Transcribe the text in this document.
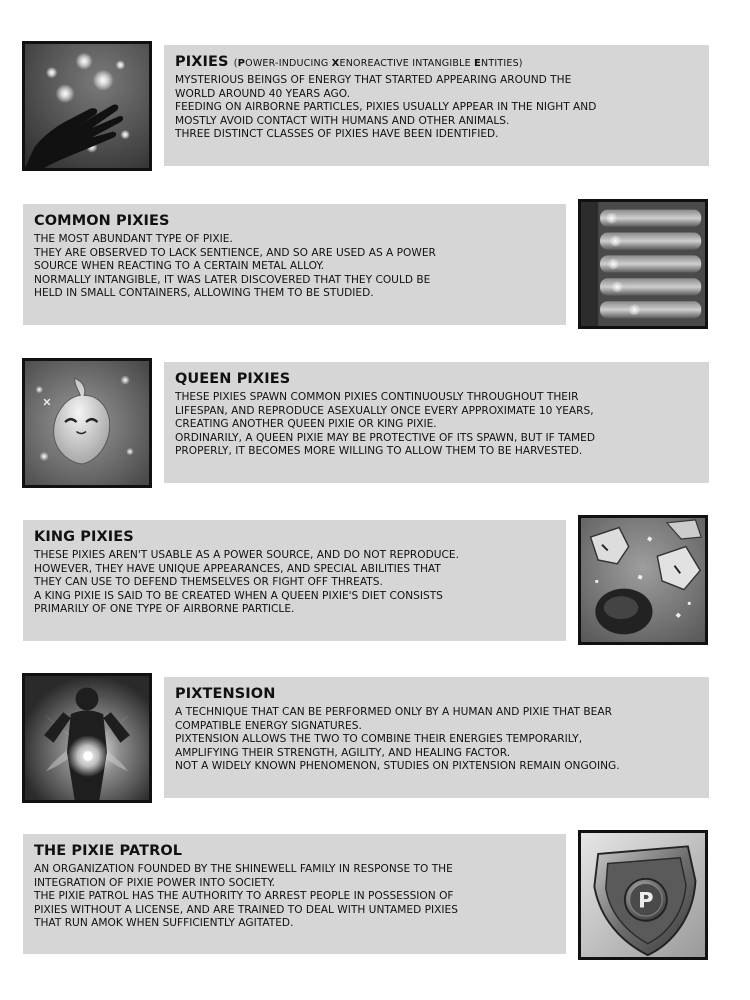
PIXIES (POWER-INDUCING XENOREACTIVE INTANGIBLE ENTITIES)
MYSTERIOUS BEINGS OF ENERGY THAT STARTED APPEARING AROUND THE
WORLD AROUND 40 YEARS AGO.
FEEDING ON AIRBORNE PARTICLES, PIXIES USUALLY APPEAR IN THE NIGHT AND
MOSTLY AVOID CONTACT WITH HUMANS AND OTHER ANIMALS.
THREE DISTINCT CLASSES OF PIXIES HAVE BEEN IDENTIFIED.
COMMON PIXIES
THE MOST ABUNDANT TYPE OF PIXIE.
THEY ARE OBSERVED TO LACK SENTIENCE, AND SO ARE USED AS A POWER
SOURCE WHEN REACTING TO A CERTAIN METAL ALLOY.
NORMALLY INTANGIBLE, IT WAS LATER DISCOVERED THAT THEY COULD BE
HELD IN SMALL CONTAINERS, ALLOWING THEM TO BE STUDIED.
QUEEN PIXIES
THESE PIXIES SPAWN COMMON PIXIES CONTINUOUSLY THROUGHOUT THEIR
LIFESPAN, AND REPRODUCE ASEXUALLY ONCE EVERY APPROXIMATE 10 YEARS,
CREATING ANOTHER QUEEN PIXIE OR KING PIXIE.
ORDINARILY, A QUEEN PIXIE MAY BE PROTECTIVE OF ITS SPAWN, BUT IF TAMED
PROPERLY, IT BECOMES MORE WILLING TO ALLOW THEM TO BE HARVESTED.
KING PIXIES
THESE PIXIES AREN'T USABLE AS A POWER SOURCE, AND DO NOT REPRODUCE.
HOWEVER, THEY HAVE UNIQUE APPEARANCES, AND SPECIAL ABILITIES THAT
THEY CAN USE TO DEFEND THEMSELVES OR FIGHT OFF THREATS.
A KING PIXIE IS SAID TO BE CREATED WHEN A QUEEN PIXIE'S DIET CONSISTS
PRIMARILY OF ONE TYPE OF AIRBORNE PARTICLE.
PIXTENSION
A TECHNIQUE THAT CAN BE PERFORMED ONLY BY A HUMAN AND PIXIE THAT BEAR
COMPATIBLE ENERGY SIGNATURES.
PIXTENSION ALLOWS THE TWO TO COMBINE THEIR ENERGIES TEMPORARILY,
AMPLIFYING THEIR STRENGTH, AGILITY, AND HEALING FACTOR.
NOT A WIDELY KNOWN PHENOMENON, STUDIES ON PIXTENSION REMAIN ONGOING.
THE PIXIE PATROL
AN ORGANIZATION FOUNDED BY THE SHINEWELL FAMILY IN RESPONSE TO THE
INTEGRATION OF PIXIE POWER INTO SOCIETY.
THE PIXIE PATROL HAS THE AUTHORITY TO ARREST PEOPLE IN POSSESSION OF
PIXIES WITHOUT A LICENSE, AND ARE TRAINED TO DEAL WITH UNTAMED PIXIES
THAT RUN AMOK WHEN SUFFICIENTLY AGITATED.
P
